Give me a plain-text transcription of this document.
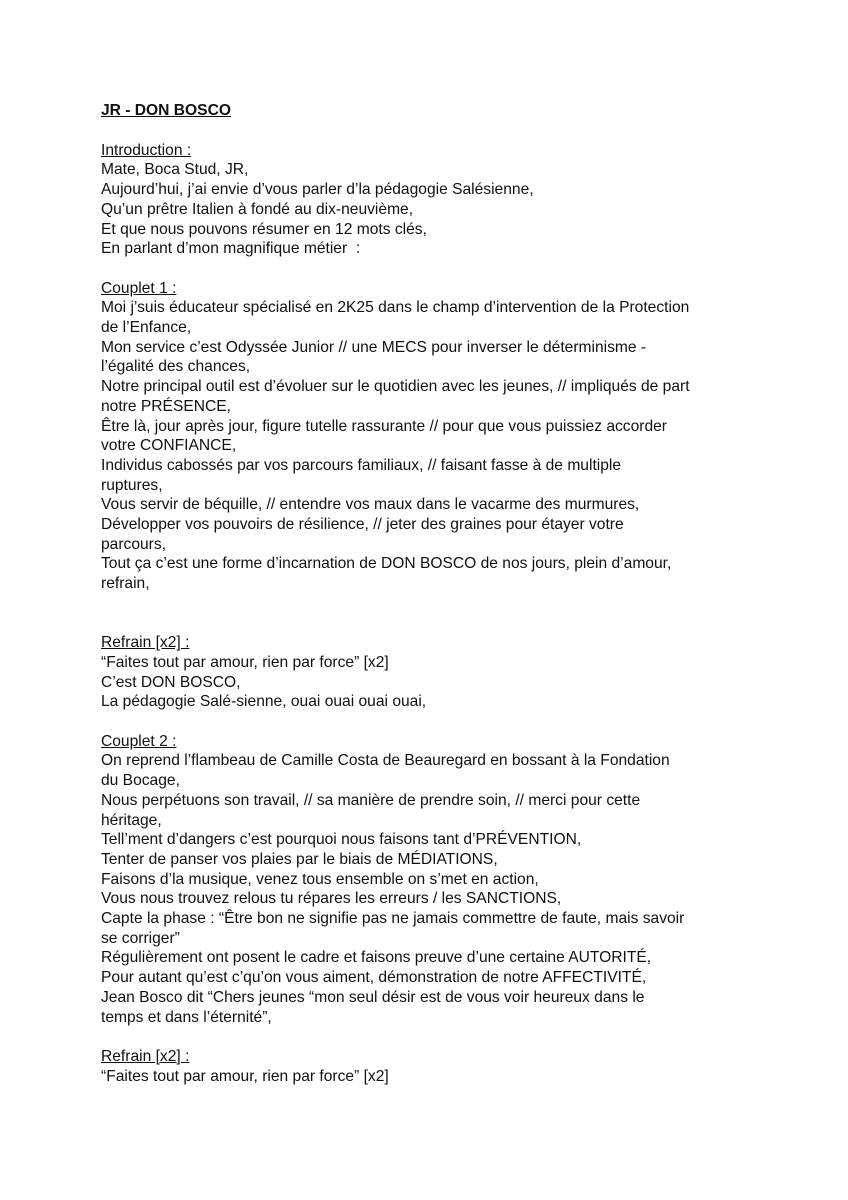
JR - DON BOSCO
Introduction :
Mate, Boca Stud, JR,
Aujourd’hui, j’ai envie d’vous parler d’la pédagogie Salésienne,
Qu’un prêtre Italien à fondé au dix-neuvième,
Et que nous pouvons résumer en 12 mots clés,
En parlant d’mon magnifique métier  :
Couplet 1 :
Moi j’suis éducateur spécialisé en 2K25 dans le champ d’intervention de la Protection
de l’Enfance,
Mon service c’est Odyssée Junior // une MECS pour inverser le déterminisme -
l’égalité des chances,
Notre principal outil est d’évoluer sur le quotidien avec les jeunes, // impliqués de part
notre PRÉSENCE,
Être là, jour après jour, figure tutelle rassurante // pour que vous puissiez accorder
votre CONFIANCE,
Individus cabossés par vos parcours familiaux, // faisant fasse à de multiple
ruptures,
Vous servir de béquille, // entendre vos maux dans le vacarme des murmures,
Développer vos pouvoirs de résilience, // jeter des graines pour étayer votre
parcours,
Tout ça c’est une forme d’incarnation de DON BOSCO de nos jours, plein d’amour,
refrain,
Refrain [x2] :
“Faites tout par amour, rien par force” [x2]
C’est DON BOSCO,
La pédagogie Salé-sienne, ouai ouai ouai ouai,
Couplet 2 :
On reprend l’flambeau de Camille Costa de Beauregard en bossant à la Fondation
du Bocage,
Nous perpétuons son travail, // sa manière de prendre soin, // merci pour cette
héritage,
Tell’ment d’dangers c’est pourquoi nous faisons tant d’PRÉVENTION,
Tenter de panser vos plaies par le biais de MÉDIATIONS,
Faisons d’la musique, venez tous ensemble on s’met en action,
Vous nous trouvez relous tu répares les erreurs / les SANCTIONS,
Capte la phase : “Être bon ne signifie pas ne jamais commettre de faute, mais savoir
se corriger”
Régulièrement ont posent le cadre et faisons preuve d’une certaine AUTORITÉ,
Pour autant qu’est c’qu’on vous aiment, démonstration de notre AFFECTIVITÉ,
Jean Bosco dit “Chers jeunes “mon seul désir est de vous voir heureux dans le
temps et dans l’éternité”,
Refrain [x2] :
“Faites tout par amour, rien par force” [x2]
